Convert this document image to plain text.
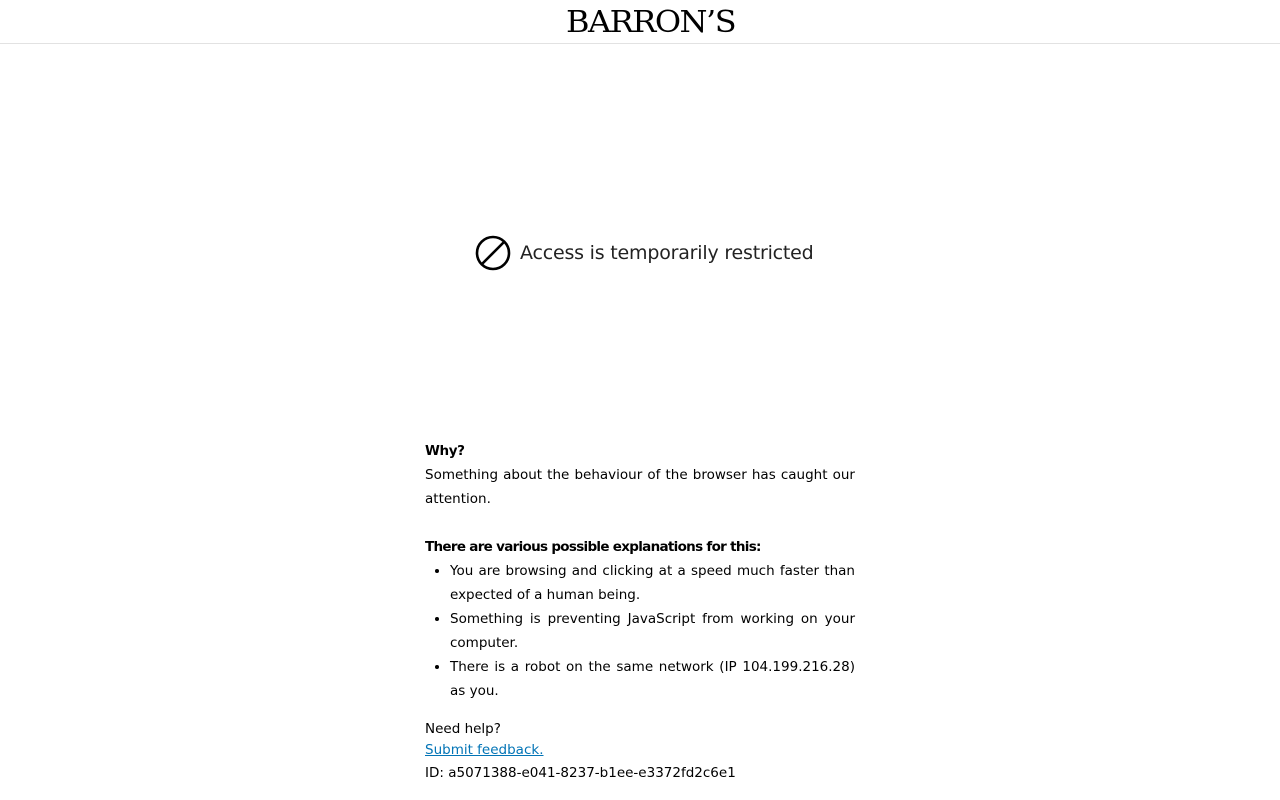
BARRON’S
Access is temporarily restricted
Why?

Something about the behaviour of the browser has caught our attention.

There are various possible explanations for this:
• You are browsing and clicking at a speed much faster than expected of a human being.
• Something is preventing JavaScript from working on your computer.
• There is a robot on the same network (IP 104.199.216.28) as you.
Need help?
Submit feedback.
ID: a5071388-e041-8237-b1ee-e3372fd2c6e1
